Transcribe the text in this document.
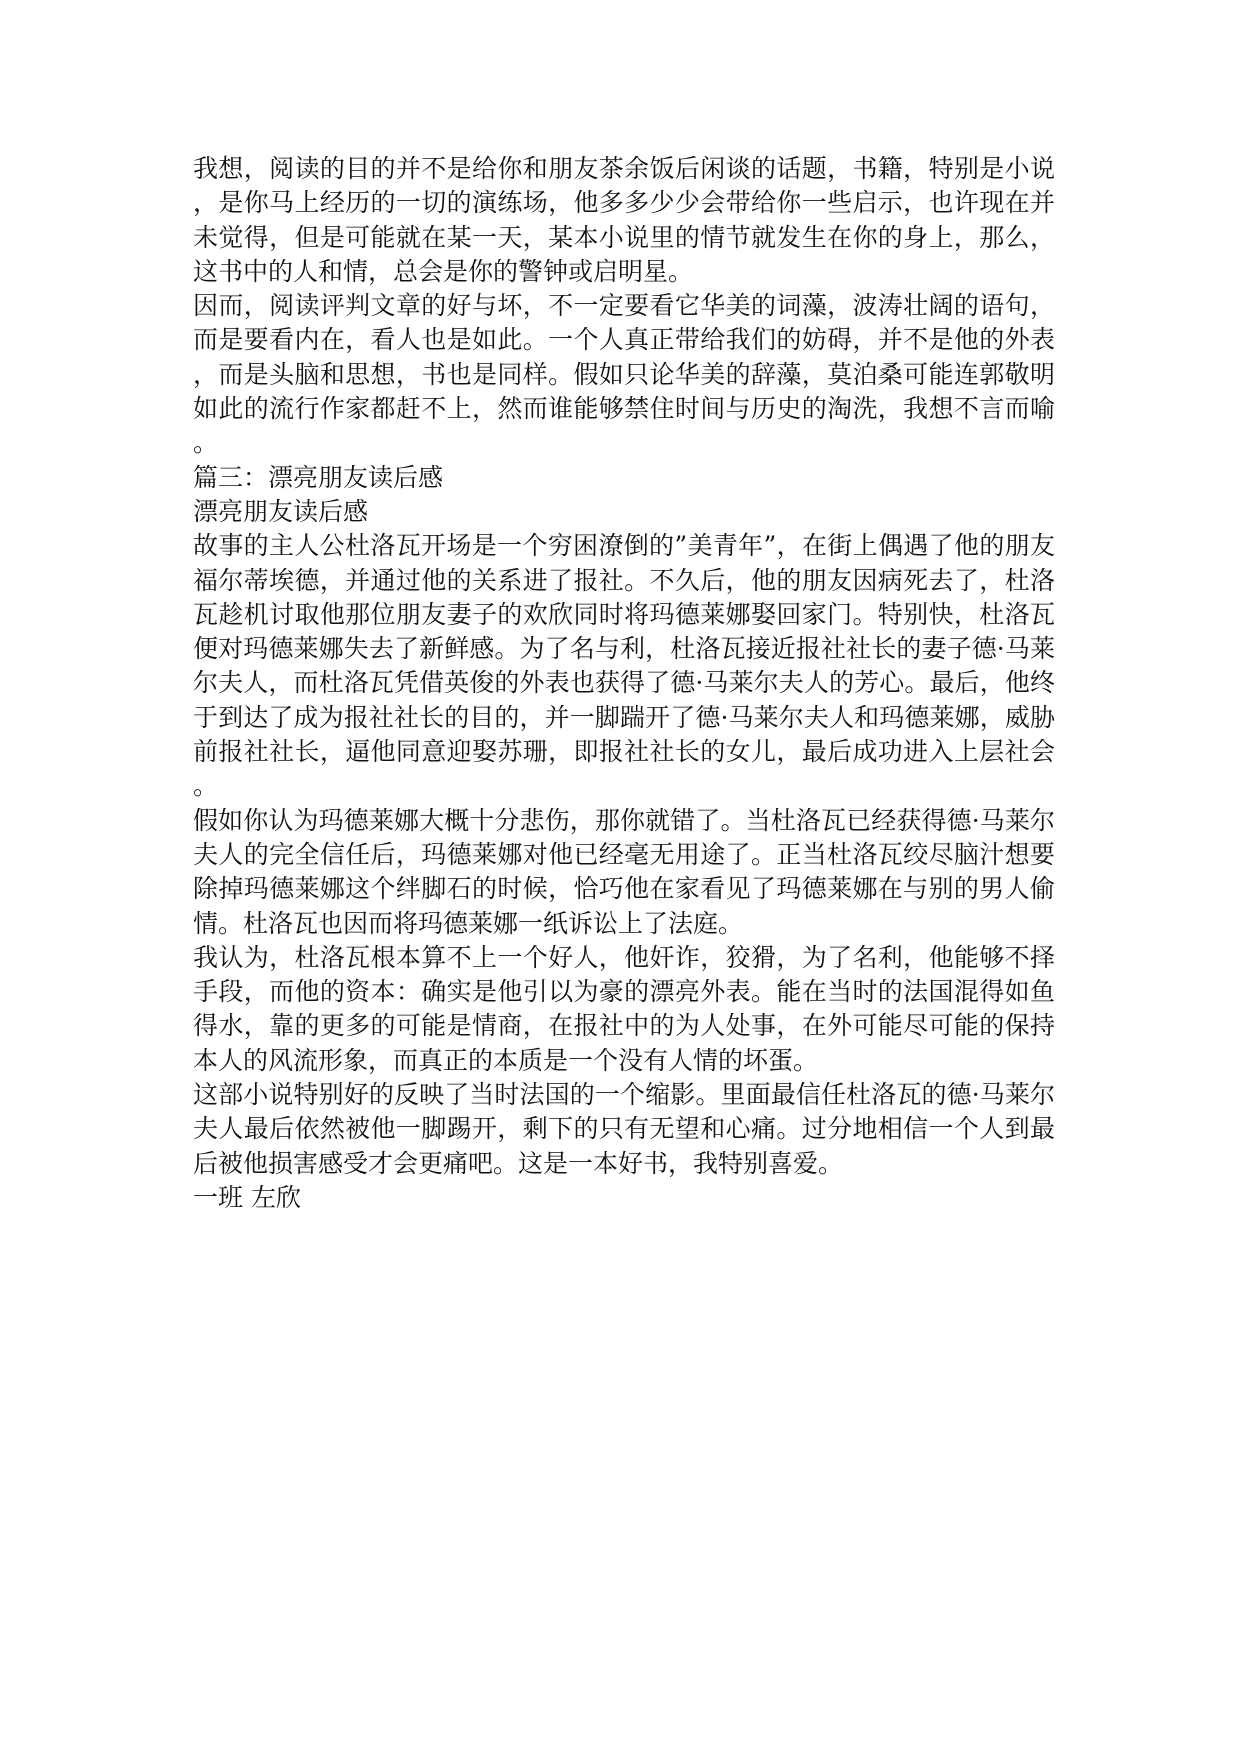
我想，阅读的目的并不是给你和朋友茶余饭后闲谈的话题，书籍，特别是小说
，是你马上经历的一切的演练场，他多多少少会带给你一些启示，也许现在并
未觉得，但是可能就在某一天，某本小说里的情节就发生在你的身上，那么，
这书中的人和情，总会是你的警钟或启明星。
因而，阅读评判文章的好与坏，不一定要看它华美的词藻，波涛壮阔的语句，
而是要看内在，看人也是如此。一个人真正带给我们的妨碍，并不是他的外表
，而是头脑和思想，书也是同样。假如只论华美的辞藻，莫泊桑可能连郭敬明
如此的流行作家都赶不上，然而谁能够禁住时间与历史的淘洗，我想不言而喻
。
篇三：漂亮朋友读后感
漂亮朋友读后感
故事的主人公杜洛瓦开场是一个穷困潦倒的”美青年”，在街上偶遇了他的朋友
福尔蒂埃德，并通过他的关系进了报社。不久后，他的朋友因病死去了，杜洛
瓦趁机讨取他那位朋友妻子的欢欣同时将玛德莱娜娶回家门。特别快，杜洛瓦
便对玛德莱娜失去了新鲜感。为了名与利，杜洛瓦接近报社社长的妻子德·马莱
尔夫人，而杜洛瓦凭借英俊的外表也获得了德·马莱尔夫人的芳心。最后，他终
于到达了成为报社社长的目的，并一脚踹开了德·马莱尔夫人和玛德莱娜，威胁
前报社社长，逼他同意迎娶苏珊，即报社社长的女儿，最后成功进入上层社会
。
假如你认为玛德莱娜大概十分悲伤，那你就错了。当杜洛瓦已经获得德·马莱尔
夫人的完全信任后，玛德莱娜对他已经毫无用途了。正当杜洛瓦绞尽脑汁想要
除掉玛德莱娜这个绊脚石的时候，恰巧他在家看见了玛德莱娜在与别的男人偷
情。杜洛瓦也因而将玛德莱娜一纸诉讼上了法庭。
我认为，杜洛瓦根本算不上一个好人，他奸诈，狡猾，为了名利，他能够不择
手段，而他的资本：确实是他引以为豪的漂亮外表。能在当时的法国混得如鱼
得水，靠的更多的可能是情商，在报社中的为人处事，在外可能尽可能的保持
本人的风流形象，而真正的本质是一个没有人情的坏蛋。
这部小说特别好的反映了当时法国的一个缩影。里面最信任杜洛瓦的德·马莱尔
夫人最后依然被他一脚踢开，剩下的只有无望和心痛。过分地相信一个人到最
后被他损害感受才会更痛吧。这是一本好书，我特别喜爱。
一班 左欣
